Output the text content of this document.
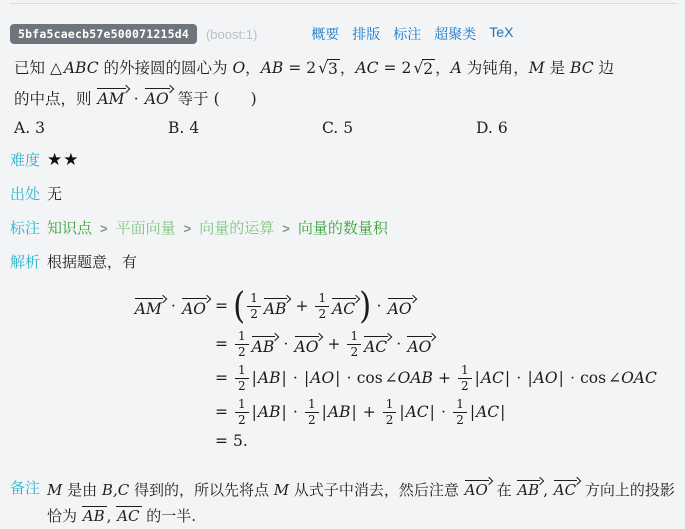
5bfa5caecb57e500071215d4	(boost:1)	概要 排版 标注 超聚类 TeX
已知 △ ABC 的外接圆的圆心为 O，AB = 2 √ 3 ，AC = 2 √ 2 ，A 为钝角，M 是 BC 边
的中点，则 AM ⋅ AO 等于 (　　)
A. 3	B. 4	C. 5	D. 6
难度 ★★
出处 无
标注 知识点 > 平面向量 > 向量的运算 > 向量的数量积
解析 根据题意，有
AM ⋅ AO = ( $\frac{1}{2}$ AB + $\frac{1}{2}$ AC ) ⋅ AO
= $\frac{1}{2}$ AB ⋅ AO + $\frac{1}{2}$ AC ⋅ AO
= $\frac{1}{2}$ | AB | ⋅ | AO | ⋅ cos ∠OAB + $\frac{1}{2}$ | AC | ⋅ | AO | ⋅ cos ∠OAC
= $\frac{1}{2}$ | AB | ⋅ $\frac{1}{2}$ | AB | + $\frac{1}{2}$ | AC | ⋅ $\frac{1}{2}$ | AC |
= 5.
备注 M 是由 B,C 得到的，所以先将点 M 从式子中消去，然后注意 AO 在 AB , AC 方向上的投影恰为 AB , AC 的一半.
